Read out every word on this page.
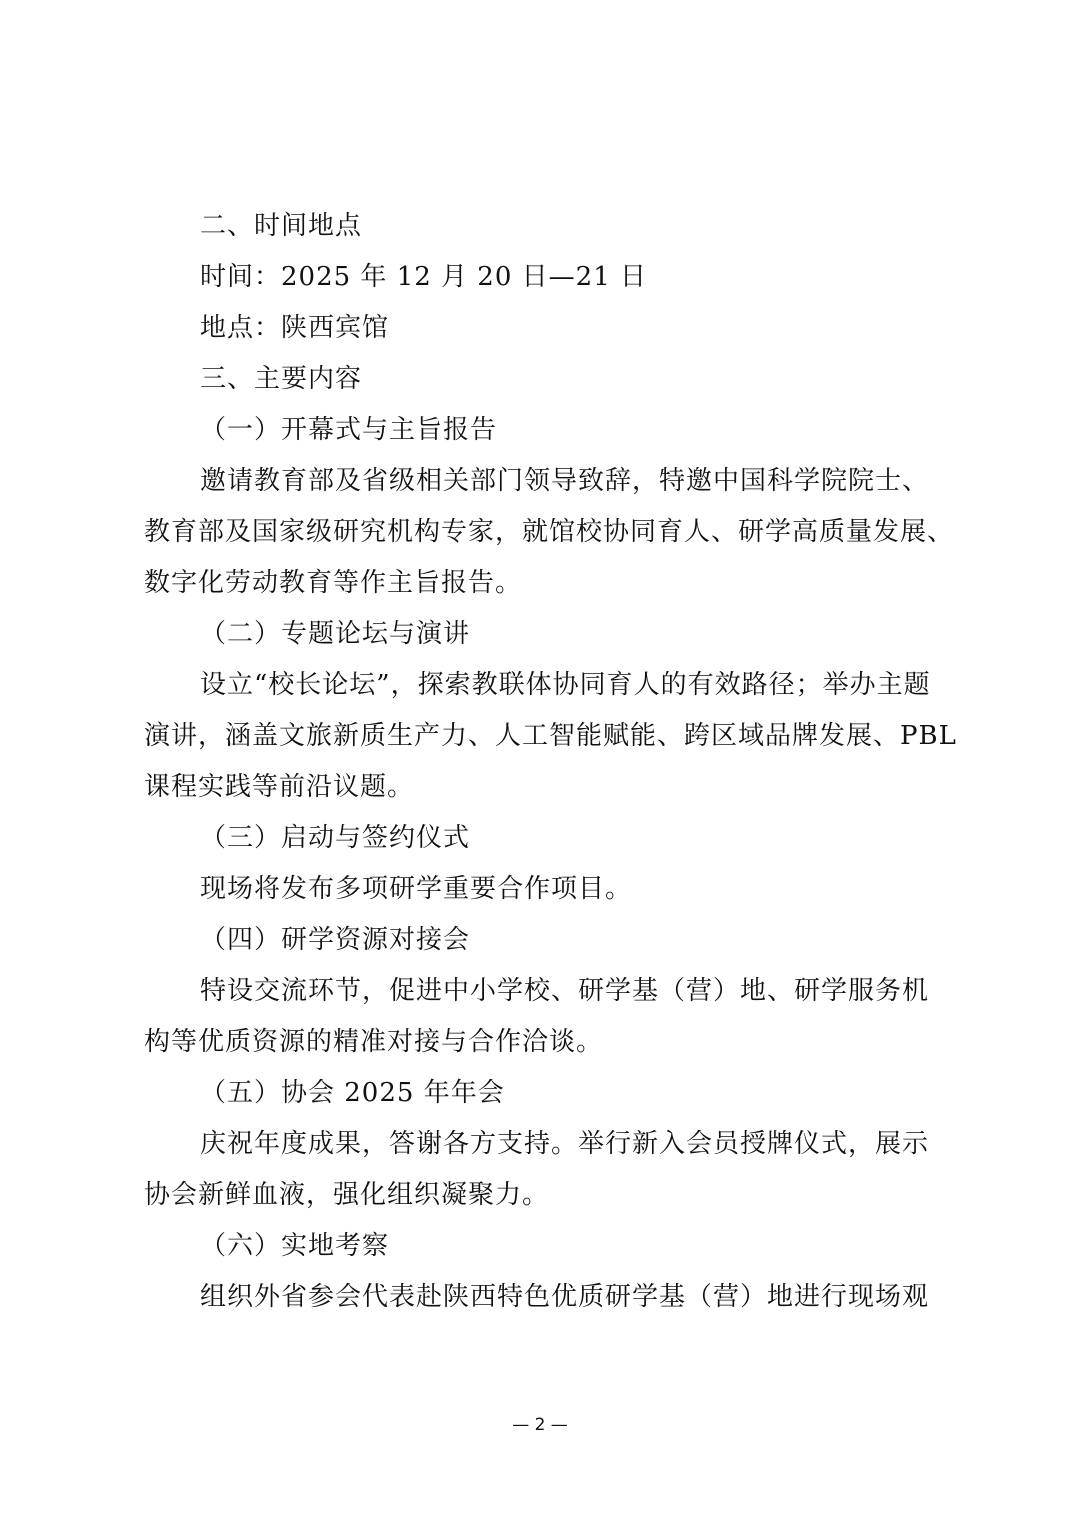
二、时间地点
时间：2025 年 12 月 20 日—21 日
地点：陕西宾馆
三、主要内容
（一）开幕式与主旨报告
邀请教育部及省级相关部门领导致辞，特邀中国科学院院士、
教育部及国家级研究机构专家，就馆校协同育人、研学高质量发展、
数字化劳动教育等作主旨报告。
（二）专题论坛与演讲
设立“校长论坛”，探索教联体协同育人的有效路径；举办主题
演讲，涵盖文旅新质生产力、人工智能赋能、跨区域品牌发展、PBL
课程实践等前沿议题。
（三）启动与签约仪式
现场将发布多项研学重要合作项目。
（四）研学资源对接会
特设交流环节，促进中小学校、研学基（营）地、研学服务机
构等优质资源的精准对接与合作洽谈。
（五）协会 2025 年年会
庆祝年度成果，答谢各方支持。举行新入会员授牌仪式，展示
协会新鲜血液，强化组织凝聚力。
（六）实地考察
组织外省参会代表赴陕西特色优质研学基（营）地进行现场观
— 2 —
